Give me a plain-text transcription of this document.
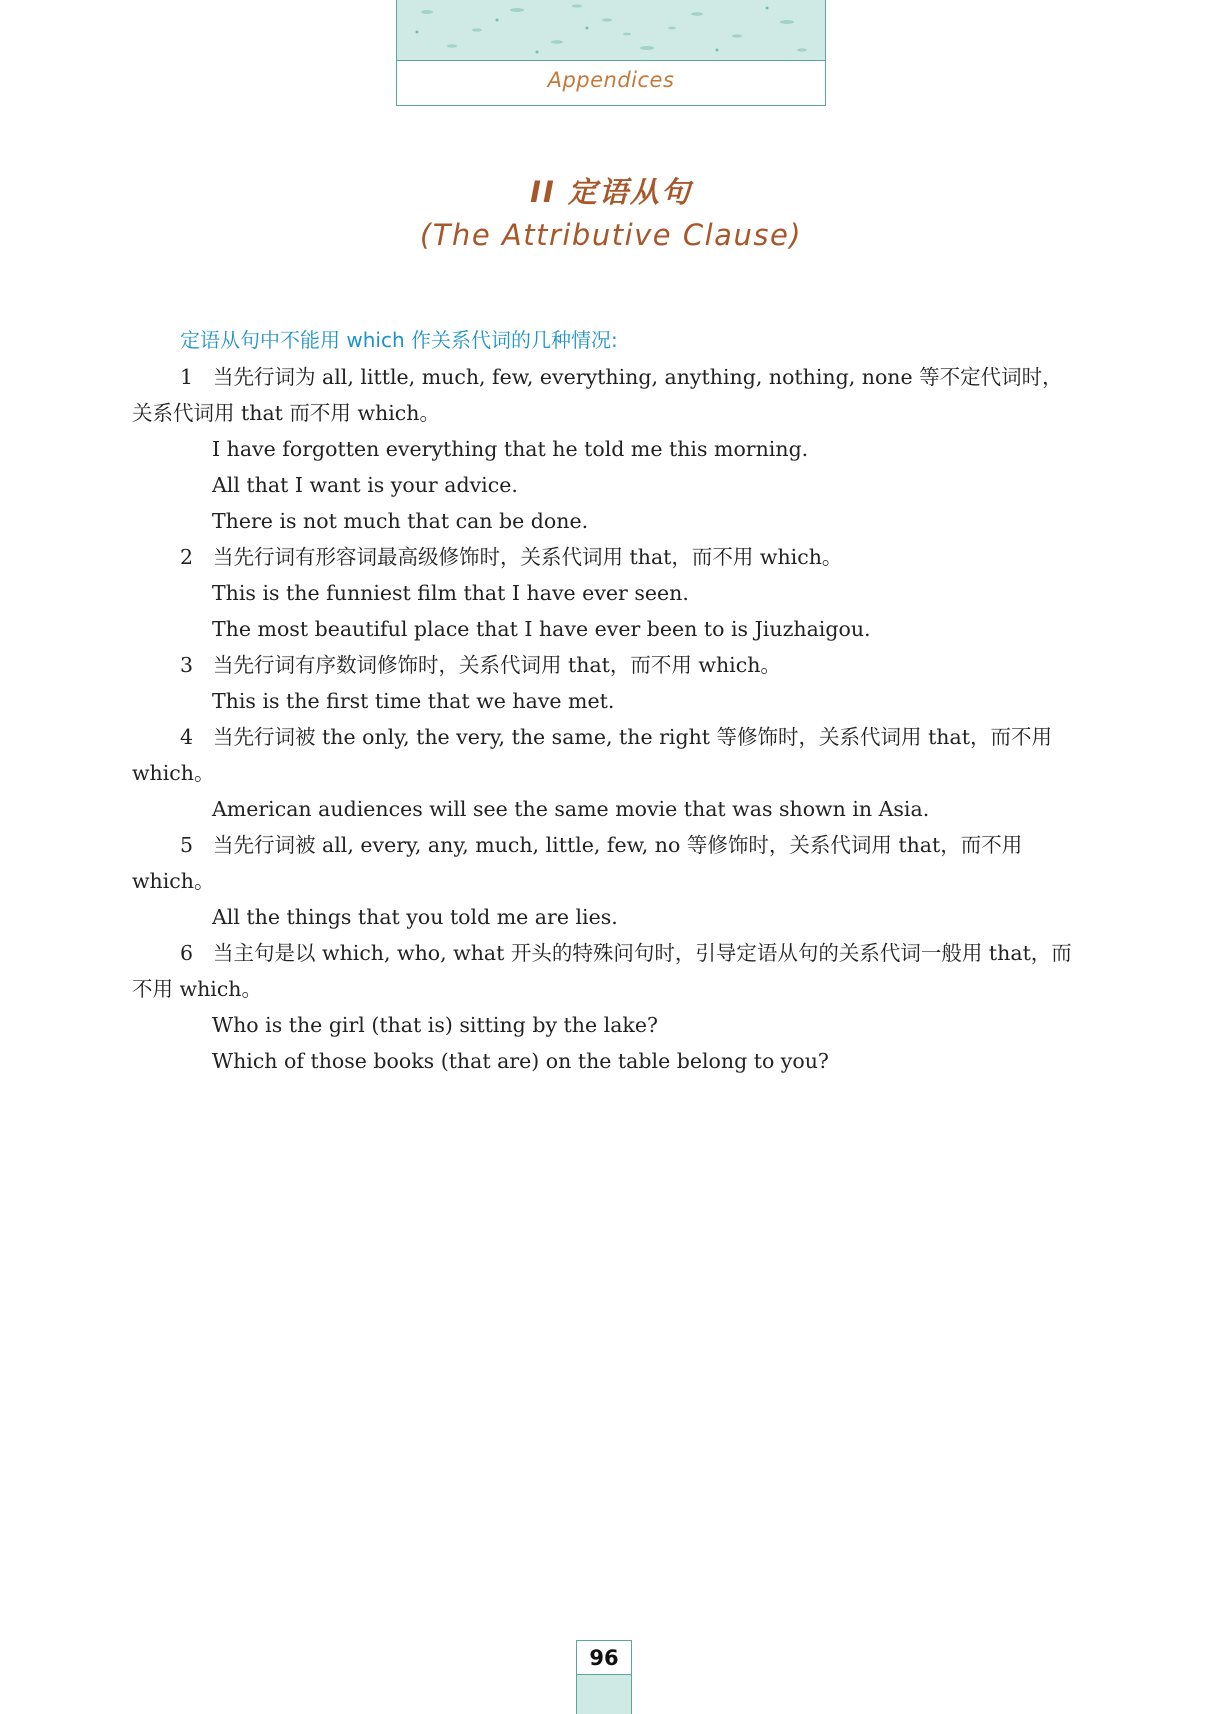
Appendices
II 定语从句
(The Attributive Clause)
定语从句中不能用 which 作关系代词的几种情况:

1 当先行词为 all, little, much, few, everything, anything, nothing, none 等不定代词时，关系代词用 that 而不用 which。

I have forgotten everything that he told me this morning.

All that I want is your advice.

There is not much that can be done.

2 当先行词有形容词最高级修饰时，关系代词用 that，而不用 which。

This is the funniest film that I have ever seen.

The most beautiful place that I have ever been to is Jiuzhaigou.

3 当先行词有序数词修饰时，关系代词用 that，而不用 which。

This is the first time that we have met.

4 当先行词被 the only, the very, the same, the right 等修饰时，关系代词用 that，而不用 which。

American audiences will see the same movie that was shown in Asia.

5 当先行词被 all, every, any, much, little, few, no 等修饰时，关系代词用 that，而不用 which。

All the things that you told me are lies.

6 当主句是以 which, who, what 开头的特殊问句时，引导定语从句的关系代词一般用 that，而不用 which。

Who is the girl (that is) sitting by the lake?

Which of those books (that are) on the table belong to you?

96
